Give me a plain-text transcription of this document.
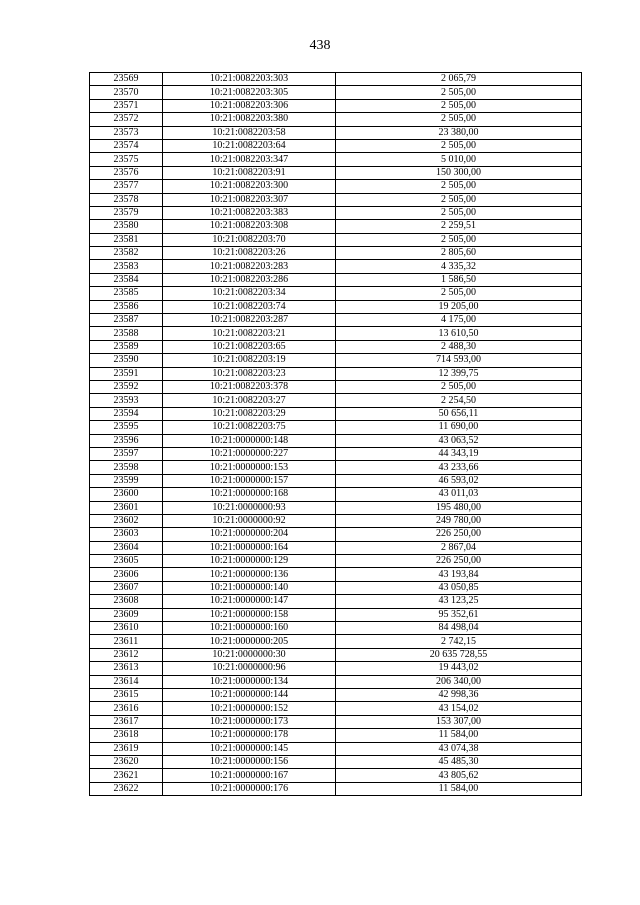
438
23569	10:21:0082203:303	2 065,79
23570	10:21:0082203:305	2 505,00
23571	10:21:0082203:306	2 505,00
23572	10:21:0082203:380	2 505,00
23573	10:21:0082203:58	23 380,00
23574	10:21:0082203:64	2 505,00
23575	10:21:0082203:347	5 010,00
23576	10:21:0082203:91	150 300,00
23577	10:21:0082203:300	2 505,00
23578	10:21:0082203:307	2 505,00
23579	10:21:0082203:383	2 505,00
23580	10:21:0082203:308	2 259,51
23581	10:21:0082203:70	2 505,00
23582	10:21:0082203:26	2 805,60
23583	10:21:0082203:283	4 335,32
23584	10:21:0082203:286	1 586,50
23585	10:21:0082203:34	2 505,00
23586	10:21:0082203:74	19 205,00
23587	10:21:0082203:287	4 175,00
23588	10:21:0082203:21	13 610,50
23589	10:21:0082203:65	2 488,30
23590	10:21:0082203:19	714 593,00
23591	10:21:0082203:23	12 399,75
23592	10:21:0082203:378	2 505,00
23593	10:21:0082203:27	2 254,50
23594	10:21:0082203:29	50 656,11
23595	10:21:0082203:75	11 690,00
23596	10:21:0000000:148	43 063,52
23597	10:21:0000000:227	44 343,19
23598	10:21:0000000:153	43 233,66
23599	10:21:0000000:157	46 593,02
23600	10:21:0000000:168	43 011,03
23601	10:21:0000000:93	195 480,00
23602	10:21:0000000:92	249 780,00
23603	10:21:0000000:204	226 250,00
23604	10:21:0000000:164	2 867,04
23605	10:21:0000000:129	226 250,00
23606	10:21:0000000:136	43 193,84
23607	10:21:0000000:140	43 050,85
23608	10:21:0000000:147	43 123,25
23609	10:21:0000000:158	95 352,61
23610	10:21:0000000:160	84 498,04
23611	10:21:0000000:205	2 742,15
23612	10:21:0000000:30	20 635 728,55
23613	10:21:0000000:96	19 443,02
23614	10:21:0000000:134	206 340,00
23615	10:21:0000000:144	42 998,36
23616	10:21:0000000:152	43 154,02
23617	10:21:0000000:173	153 307,00
23618	10:21:0000000:178	11 584,00
23619	10:21:0000000:145	43 074,38
23620	10:21:0000000:156	45 485,30
23621	10:21:0000000:167	43 805,62
23622	10:21:0000000:176	11 584,00
